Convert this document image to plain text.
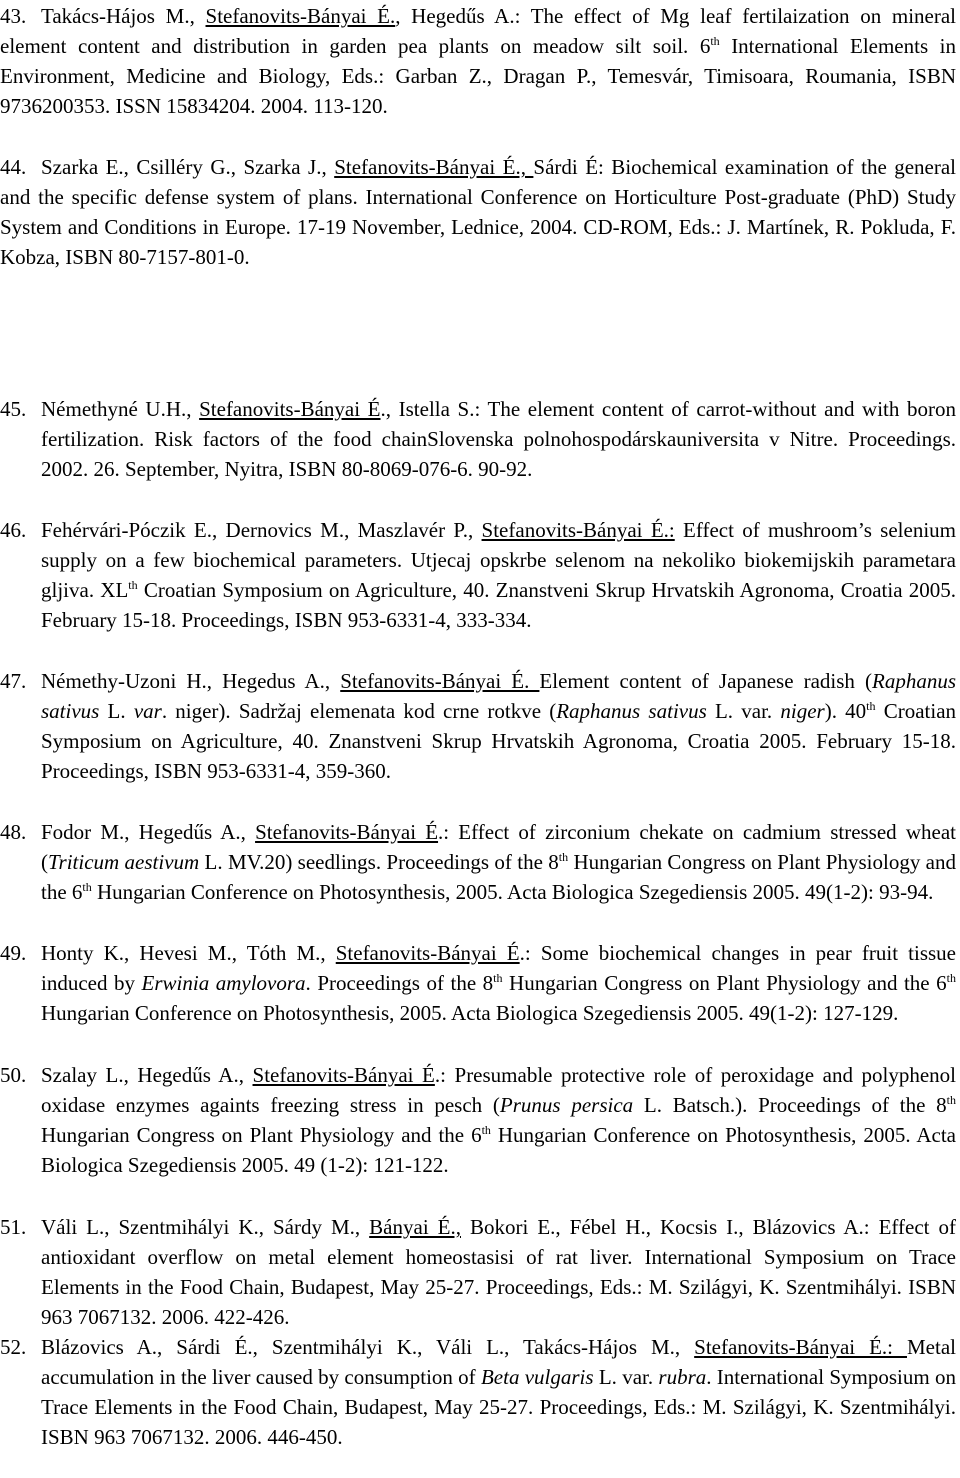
43. Takács-Hájos M., Stefanovits-Bányai É., Hegedűs A.: The effect of Mg leaf fertilaization on mineral element content and distribution in garden pea plants on meadow silt soil. 6th International Elements in Environment, Medicine and Biology, Eds.: Garban Z., Dragan P., Temesvár, Timisoara, Roumania, ISBN 9736200353. ISSN 15834204. 2004. 113-120.
44. Szarka E., Csilléry G., Szarka J., Stefanovits-Bányai É., Sárdi É: Biochemical examination of the general and the specific defense system of plans. International Conference on Horticulture Post-graduate (PhD) Study System and Conditions in Europe. 17-19 November, Lednice, 2004. CD-ROM, Eds.: J. Martínek, R. Pokluda, F. Kobza, ISBN 80-7157-801-0.
45. Némethyné U.H., Stefanovits-Bányai É., Istella S.: The element content of carrot-without and with boron fertilization. Risk factors of the food chainSlovenska polnohospodárskauniversita v Nitre. Proceedings. 2002. 26. September, Nyitra, ISBN 80-8069-076-6. 90-92.
46. Fehérvári-Póczik E., Dernovics M., Maszlavér P., Stefanovits-Bányai É.: Effect of mushroom’s selenium supply on a few biochemical parameters. Utjecaj opskrbe selenom na nekoliko biokemijskih parametara gljiva. XLth Croatian Symposium on Agriculture, 40. Znanstveni Skrup Hrvatskih Agronoma, Croatia 2005. February 15-18. Proceedings, ISBN 953-6331-4, 333-334.
47. Némethy-Uzoni H., Hegedus A., Stefanovits-Bányai É. Element content of Japanese radish (Raphanus sativus L. var. niger). Sadržaj elemenata kod crne rotkve (Raphanus sativus L. var. niger). 40th Croatian Symposium on Agriculture, 40. Znanstveni Skrup Hrvatskih Agronoma, Croatia 2005. February 15-18. Proceedings, ISBN 953-6331-4, 359-360.
48. Fodor M., Hegedűs A., Stefanovits-Bányai É.: Effect of zirconium chekate on cadmium stressed wheat (Triticum aestivum L. MV.20) seedlings. Proceedings of the 8th Hungarian Congress on Plant Physiology and the 6th Hungarian Conference on Photosynthesis, 2005. Acta Biologica Szegediensis 2005. 49(1-2): 93-94.
49. Honty K., Hevesi M., Tóth M., Stefanovits-Bányai É.: Some biochemical changes in pear fruit tissue induced by Erwinia amylovora. Proceedings of the 8th Hungarian Congress on Plant Physiology and the 6th Hungarian Conference on Photosynthesis, 2005. Acta Biologica Szegediensis 2005. 49(1-2): 127-129.
50. Szalay L., Hegedűs A., Stefanovits-Bányai É.: Presumable protective role of peroxidage and polyphenol oxidase enzymes againts freezing stress in pesch (Prunus persica L. Batsch.). Proceedings of the 8th Hungarian Congress on Plant Physiology and the 6th Hungarian Conference on Photosynthesis, 2005. Acta Biologica Szegediensis 2005. 49 (1-2): 121-122.
51. Váli L., Szentmihályi K., Sárdy M., Bányai É., Bokori E., Fébel H., Kocsis I., Blázovics A.: Effect of antioxidant overflow on metal element homeostasisi of rat liver. International Symposium on Trace Elements in the Food Chain, Budapest, May 25-27. Proceedings, Eds.: M. Szilágyi, K. Szentmihályi. ISBN 963 7067132. 2006. 422-426.
52. Blázovics A., Sárdi É., Szentmihályi K., Váli L., Takács-Hájos M., Stefanovits-Bányai É.: Metal accumulation in the liver caused by consumption of Beta vulgaris L. var. rubra. International Symposium on Trace Elements in the Food Chain, Budapest, May 25-27. Proceedings, Eds.: M. Szilágyi, K. Szentmihályi. ISBN 963 7067132. 2006. 446-450.
